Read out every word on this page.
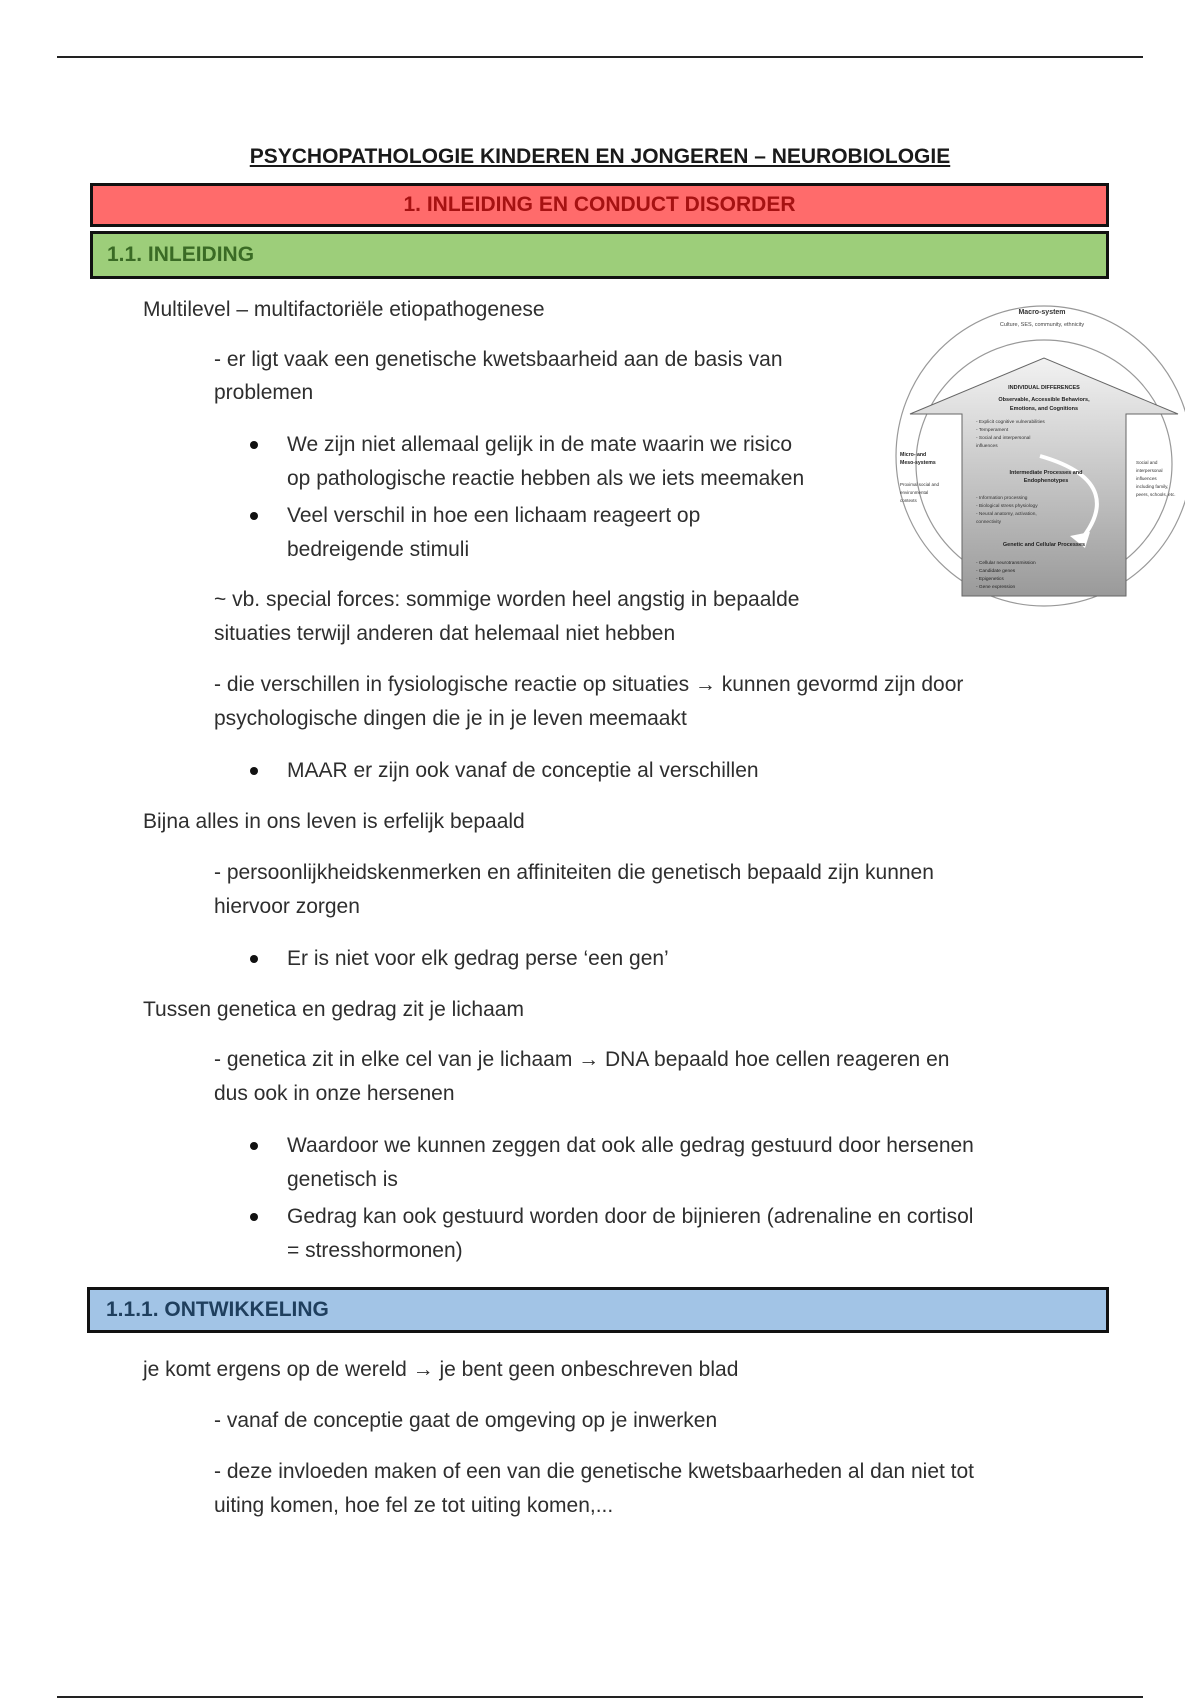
PSYCHOPATHOLOGIE KINDEREN EN JONGEREN – NEUROBIOLOGIE
1. INLEIDING EN CONDUCT DISORDER
1.1. INLEIDING
Multilevel – multifactoriële etiopathogenese
- er ligt vaak een genetische kwetsbaarheid aan de basis van
problemen
We zijn niet allemaal gelijk in de mate waarin we risico
op pathologische reactie hebben als we iets meemaken
Veel verschil in hoe een lichaam reageert op
bedreigende stimuli
~ vb. special forces: sommige worden heel angstig in bepaalde
situaties terwijl anderen dat helemaal niet hebben
- die verschillen in fysiologische reactie op situaties → kunnen gevormd zijn door
psychologische dingen die je in je leven meemaakt
MAAR er zijn ook vanaf de conceptie al verschillen
Bijna alles in ons leven is erfelijk bepaald
- persoonlijkheidskenmerken en affiniteiten die genetisch bepaald zijn kunnen
hiervoor zorgen
Er is niet voor elk gedrag perse ‘een gen’
Tussen genetica en gedrag zit je lichaam
- genetica zit in elke cel van je lichaam → DNA bepaald hoe cellen reageren en
dus ook in onze hersenen
Waardoor we kunnen zeggen dat ook alle gedrag gestuurd door hersenen
genetisch is
Gedrag kan ook gestuurd worden door de bijnieren (adrenaline en cortisol
= stresshormonen)
1.1.1. ONTWIKKELING
je komt ergens op de wereld → je bent geen onbeschreven blad
- vanaf de conceptie gaat de omgeving op je inwerken
- deze invloeden maken of een van die genetische kwetsbaarheden al dan niet tot
uiting komen, hoe fel ze tot uiting komen,...
Macro-system
Culture, SES, community, ethnicity
INDIVIDUAL DIFFERENCES
Observable, Accessible Behaviors,
Emotions, and Cognitions
- Explicit cognitive vulnerabilities
- Temperament
- Social and interpersonal
influences
Micro- and
Meso-systems
Proximal social and
environmental
contexts
Intermediate Processes and
Endophenotypes
- Information processing
- Biological stress physiology
- Neural anatomy, activation,
connectivity
Social and
interpersonal
influences
including family,
peers, schools, etc.
Genetic and Cellular Processes
- Cellular neurotransmission
- Candidate genes
- Epigenetics
- Gene expression
